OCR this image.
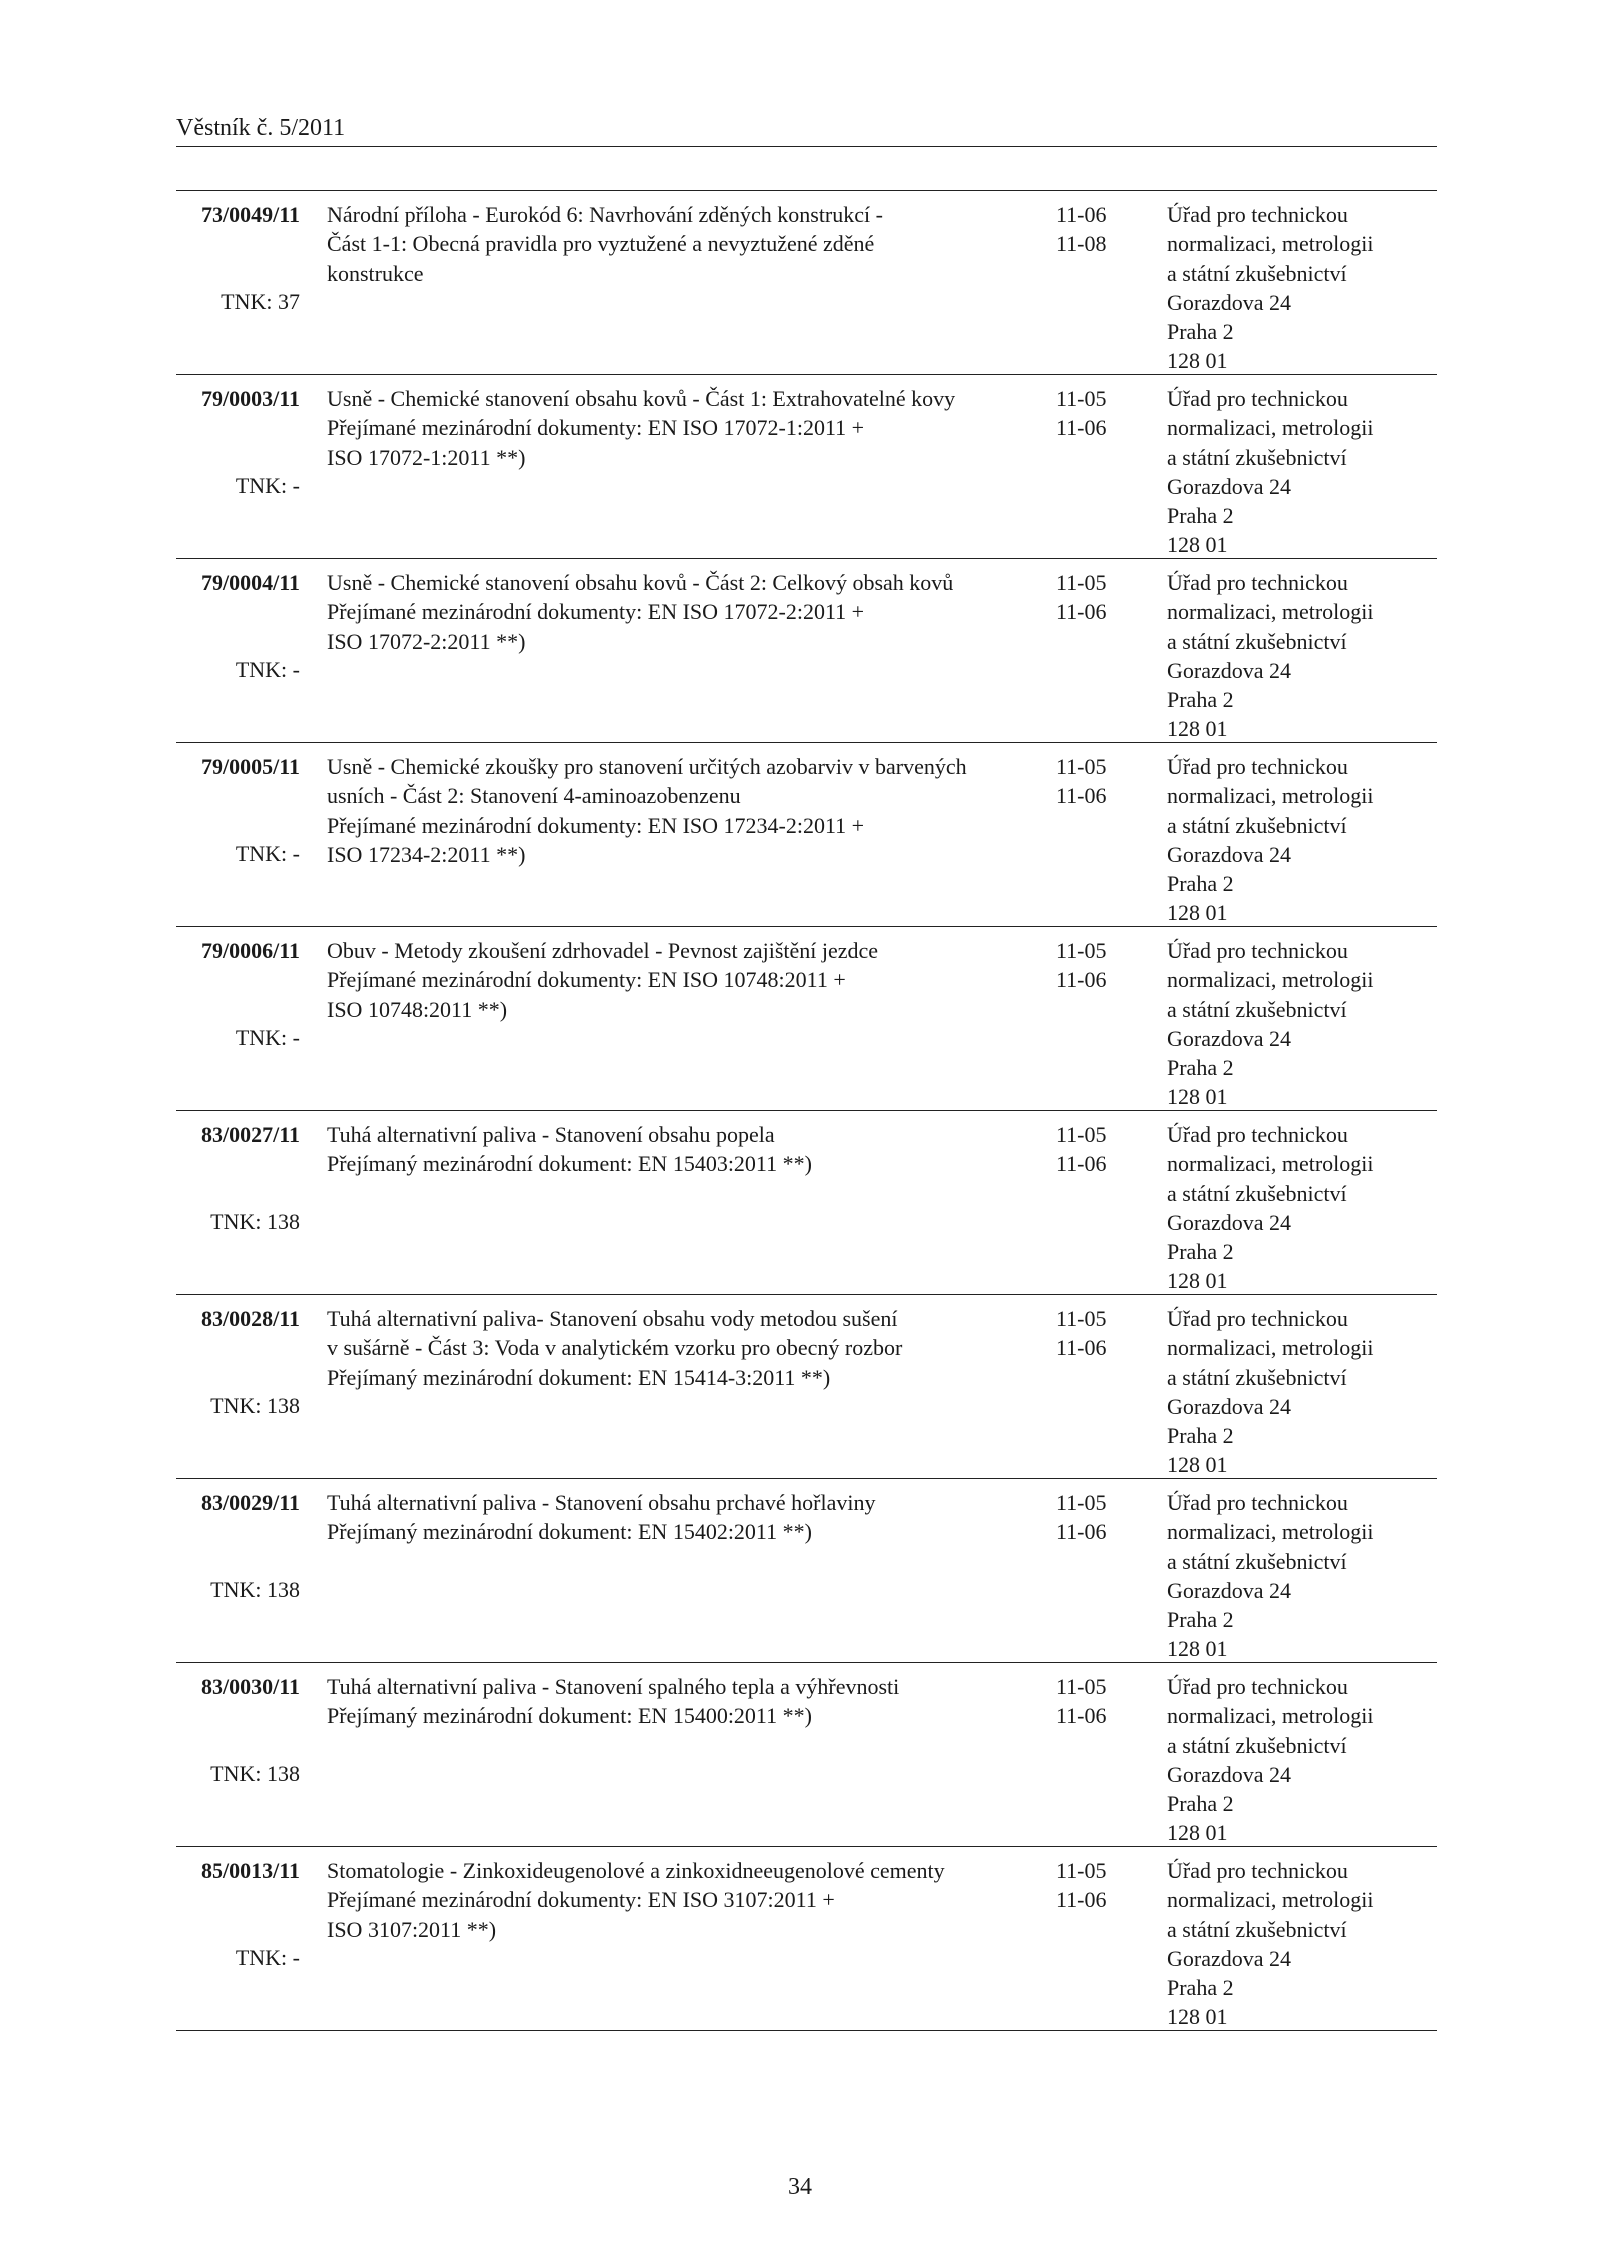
Věstník č. 5/2011
73/0049/11
TNK: 37
Národní příloha - Eurokód 6: Navrhování zděných konstrukcí -
Část 1-1: Obecná pravidla pro vyztužené a nevyztužené zděné
konstrukce
11-06
11-08
Úřad pro technickou
normalizaci, metrologii
a státní zkušebnictví
Gorazdova 24
Praha 2
128 01
79/0003/11
TNK: -
Usně - Chemické stanovení obsahu kovů - Část 1: Extrahovatelné kovy
Přejímané mezinárodní dokumenty: EN ISO 17072-1:2011 +
ISO 17072-1:2011 **)
11-05
11-06
Úřad pro technickou
normalizaci, metrologii
a státní zkušebnictví
Gorazdova 24
Praha 2
128 01
79/0004/11
TNK: -
Usně - Chemické stanovení obsahu kovů - Část 2: Celkový obsah kovů
Přejímané mezinárodní dokumenty: EN ISO 17072-2:2011 +
ISO 17072-2:2011 **)
11-05
11-06
Úřad pro technickou
normalizaci, metrologii
a státní zkušebnictví
Gorazdova 24
Praha 2
128 01
79/0005/11
TNK: -
Usně - Chemické zkoušky pro stanovení určitých azobarviv v barvených
usních - Část 2: Stanovení 4-aminoazobenzenu
Přejímané mezinárodní dokumenty: EN ISO 17234-2:2011 +
ISO 17234-2:2011 **)
11-05
11-06
Úřad pro technickou
normalizaci, metrologii
a státní zkušebnictví
Gorazdova 24
Praha 2
128 01
79/0006/11
TNK: -
Obuv - Metody zkoušení zdrhovadel - Pevnost zajištění jezdce
Přejímané mezinárodní dokumenty: EN ISO 10748:2011 +
ISO 10748:2011 **)
11-05
11-06
Úřad pro technickou
normalizaci, metrologii
a státní zkušebnictví
Gorazdova 24
Praha 2
128 01
83/0027/11
TNK: 138
Tuhá alternativní paliva - Stanovení obsahu popela
Přejímaný mezinárodní dokument: EN 15403:2011 **)
11-05
11-06
Úřad pro technickou
normalizaci, metrologii
a státní zkušebnictví
Gorazdova 24
Praha 2
128 01
83/0028/11
TNK: 138
Tuhá alternativní paliva- Stanovení obsahu vody metodou sušení
v sušárně - Část 3: Voda v analytickém vzorku pro obecný rozbor
Přejímaný mezinárodní dokument: EN 15414-3:2011 **)
11-05
11-06
Úřad pro technickou
normalizaci, metrologii
a státní zkušebnictví
Gorazdova 24
Praha 2
128 01
83/0029/11
TNK: 138
Tuhá alternativní paliva - Stanovení obsahu prchavé hořlaviny
Přejímaný mezinárodní dokument: EN 15402:2011 **)
11-05
11-06
Úřad pro technickou
normalizaci, metrologii
a státní zkušebnictví
Gorazdova 24
Praha 2
128 01
83/0030/11
TNK: 138
Tuhá alternativní paliva - Stanovení spalného tepla a výhřevnosti
Přejímaný mezinárodní dokument: EN 15400:2011 **)
11-05
11-06
Úřad pro technickou
normalizaci, metrologii
a státní zkušebnictví
Gorazdova 24
Praha 2
128 01
85/0013/11
TNK: -
Stomatologie - Zinkoxideugenolové a zinkoxidneeugenolové cementy
Přejímané mezinárodní dokumenty: EN ISO 3107:2011 +
ISO 3107:2011 **)
11-05
11-06
Úřad pro technickou
normalizaci, metrologii
a státní zkušebnictví
Gorazdova 24
Praha 2
128 01
34
